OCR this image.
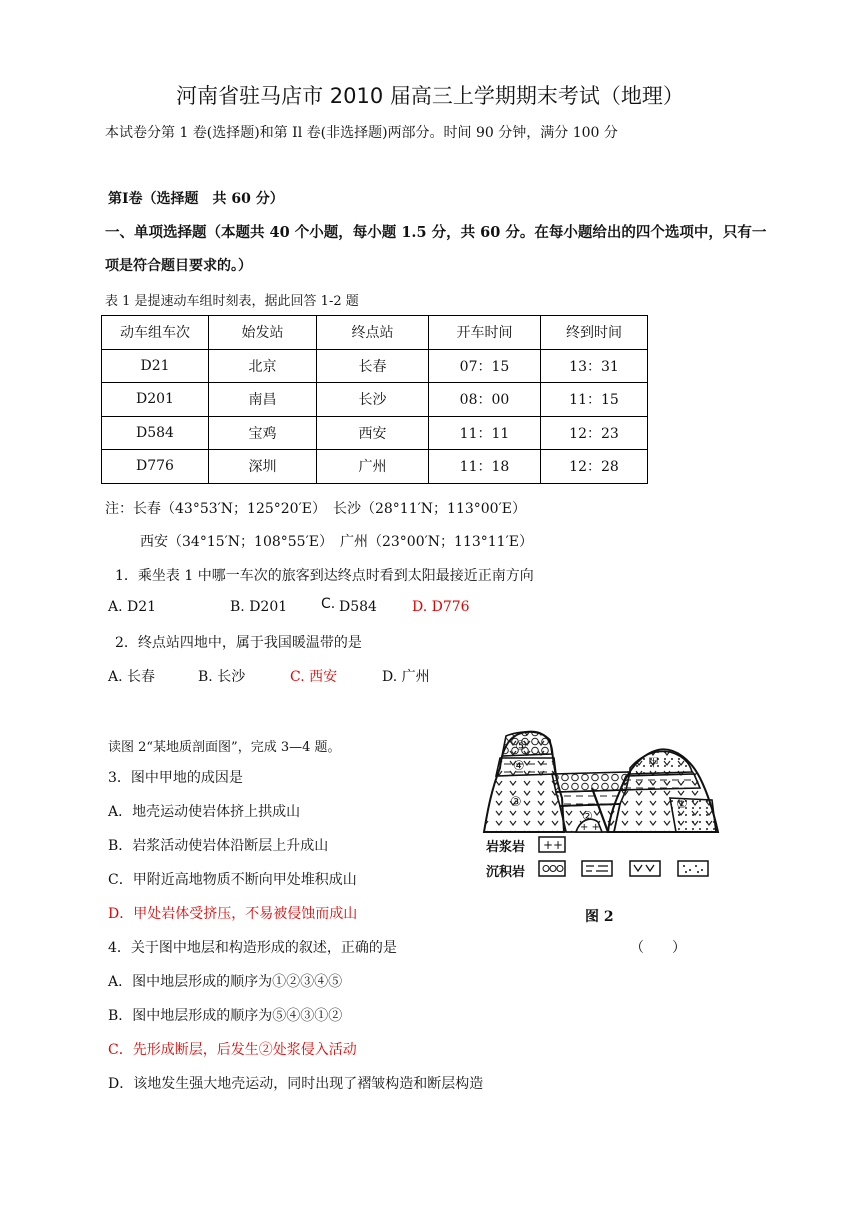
河南省驻马店市 2010 届高三上学期期末考试（地理）
本试卷分第 1 卷(选择题)和第 Il 卷(非选择题)两部分。时间 90 分钟，满分 100 分
第Ⅰ卷（选择题　共 60 分）
一、单项选择题（本题共 40 个小题，每小题 1.5 分，共 60 分。在每小题给出的四个选项中，只有一
项是符合题目要求的。）
表 1 是提速动车组时刻表，据此回答 1-2 题
动车组车次	始发站	终点站	开车时间	终到时间
D21	北京	长春	07：15	13：31
D201	南昌	长沙	08：00	11：15
D584	宝鸡	西安	11：11	12：23
D776	深圳	广州	11：18	12：28
注：长春（43°53′N；125°20′E）　长沙（28°11′N；113°00′E）
西安（34°15′N；108°55′E）　广州（23°00′N；113°11′E）
1．乘坐表 1 中哪一车次的旅客到达终点时看到太阳最接近正南方向
A. D21	B. D201 C. D584	D. D776
2．终点站四地中，属于我国暖温带的是
A. 长春	B. 长沙	C. 西安	D. 广州
读图 2“某地质剖面图”，完成 3—4 题。
3．图中甲地的成因是
A．地壳运动使岩体挤上拱成山
B．岩浆活动使岩体沿断层上升成山
C．甲附近高地物质不断向甲处堆积成山
D．甲处岩体受挤压，不易被侵蚀而成山
4．关于图中地层和构造形成的叙述，正确的是	（　　）
A．图中地层形成的顺序为①②③④⑤
B．图中地层形成的顺序为⑤④③①②
C．先形成断层，后发生②处浆侵入活动
D．该地发生强大地壳运动，同时出现了褶皱构造和断层构造
+ +
⑤
④
③
②
①
甲
岩浆岩 ++
沉积岩
图 2
